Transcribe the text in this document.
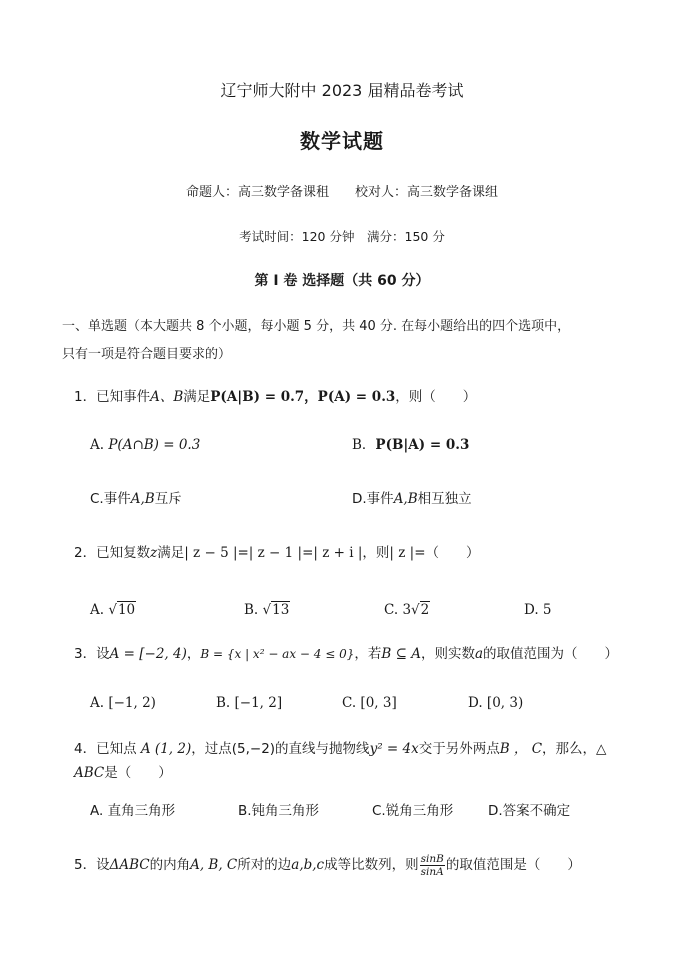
辽宁师大附中 2023 届精品卷考试
数学试题
命题人：高三数学备课租　　校对人：高三数学备课组
考试时间：120 分钟　满分：150 分
第 I 卷 选择题（共 60 分）
一、单选题（本大题共 8 个小题，每小题 5 分，共 40 分. 在每小题给出的四个选项中，
只有一项是符合题目要求的）
1．已知事件A、B满足P(A|B) = 0.7，P(A) = 0.3，则（　　）
A. P(A∩B) = 0.3	B．P(B|A) = 0.3
C.事件A,B互斥	D.事件A,B相互独立
2．已知复数z满足| z − 5 |=| z − 1 |=| z + i |，则| z |=（　　）
A. √10	B. √13	C. 3√2	D. 5
3．设A = [−2, 4)，B = {x | x² − ax − 4 ≤ 0}，若B ⊆ A，则实数a的取值范围为（　　）
A. [−1, 2)	B. [−1, 2]	C. [0, 3]	D. [0, 3)
4．已知点 A (1, 2)，过点(5,−2)的直线与抛物线y² = 4x交于另外两点B ， C，那么，△
ABC是（　　）
A. 直角三角形	B.钝角三角形	C.锐角三角形	D.答案不确定
5．设ΔABC的内角A, B, C所对的边a,b,c成等比数列，则 $\frac{\sin B}{\sin A}$ 的取值范围是（　　）
